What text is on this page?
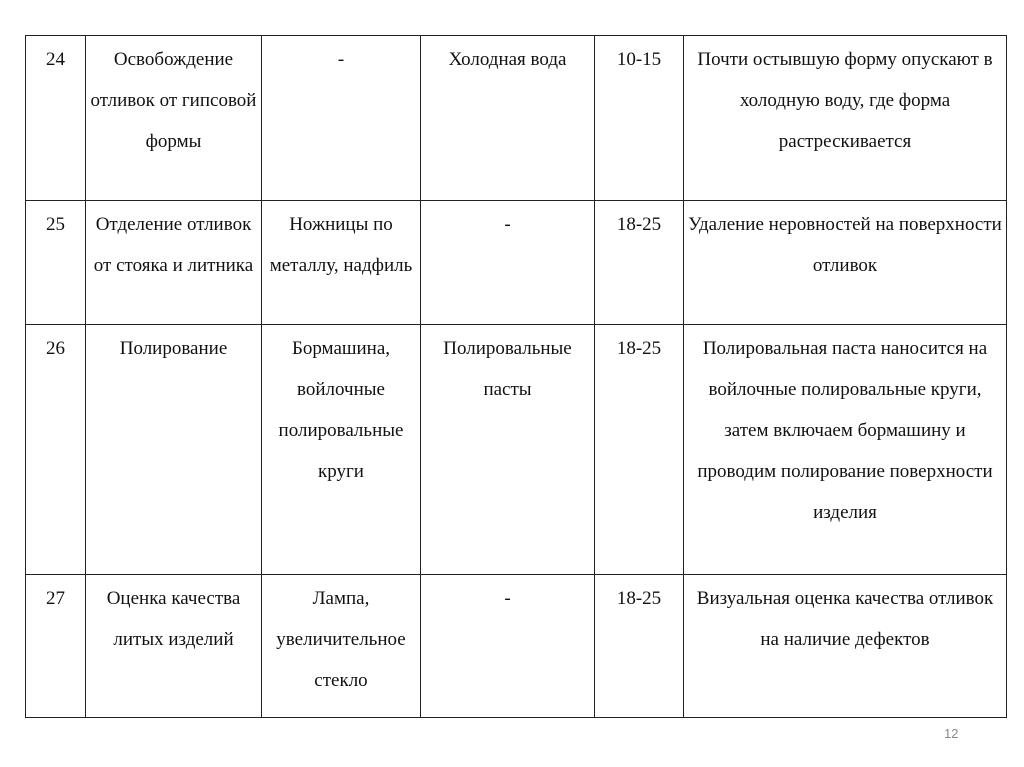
24	Освобождение отливок от гипсовой формы	-	Холодная вода	10-15	Почти остывшую форму опускают в холодную воду, где форма растрескивается
25	Отделение отливок от стояка и литника	Ножницы по металлу, надфиль	-	18-25	Удаление неровностей на поверхности отливок
26	Полирование	Бормашина, войлочные полировальные круги	Полировальные пасты	18-25	Полировальная паста наносится на войлочные полировальные круги, затем включаем бормашину и проводим полирование поверхности изделия
27	Оценка качества литых изделий	Лампа, увеличительное стекло	-	18-25	Визуальная оценка качества отливок на наличие дефектов
12
